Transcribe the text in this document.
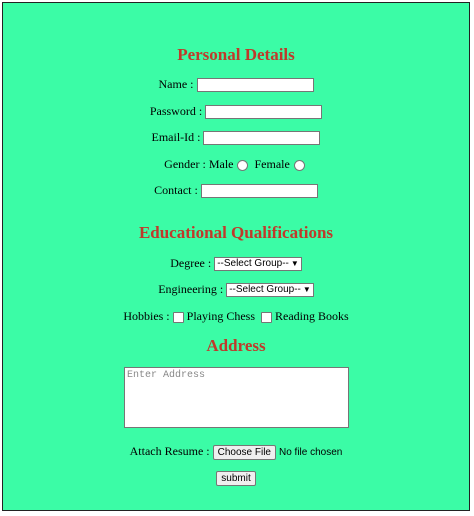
Personal Details
Name :
Password :
Email-Id :
Gender : Male Female
Contact :
Educational Qualifications
Degree : --Select Group-- ▼
Engineering : --Select Group-- ▼
Hobbies : Playing Chess Reading Books
Address
Enter Address
Attach Resume : Choose File No file chosen
submit
